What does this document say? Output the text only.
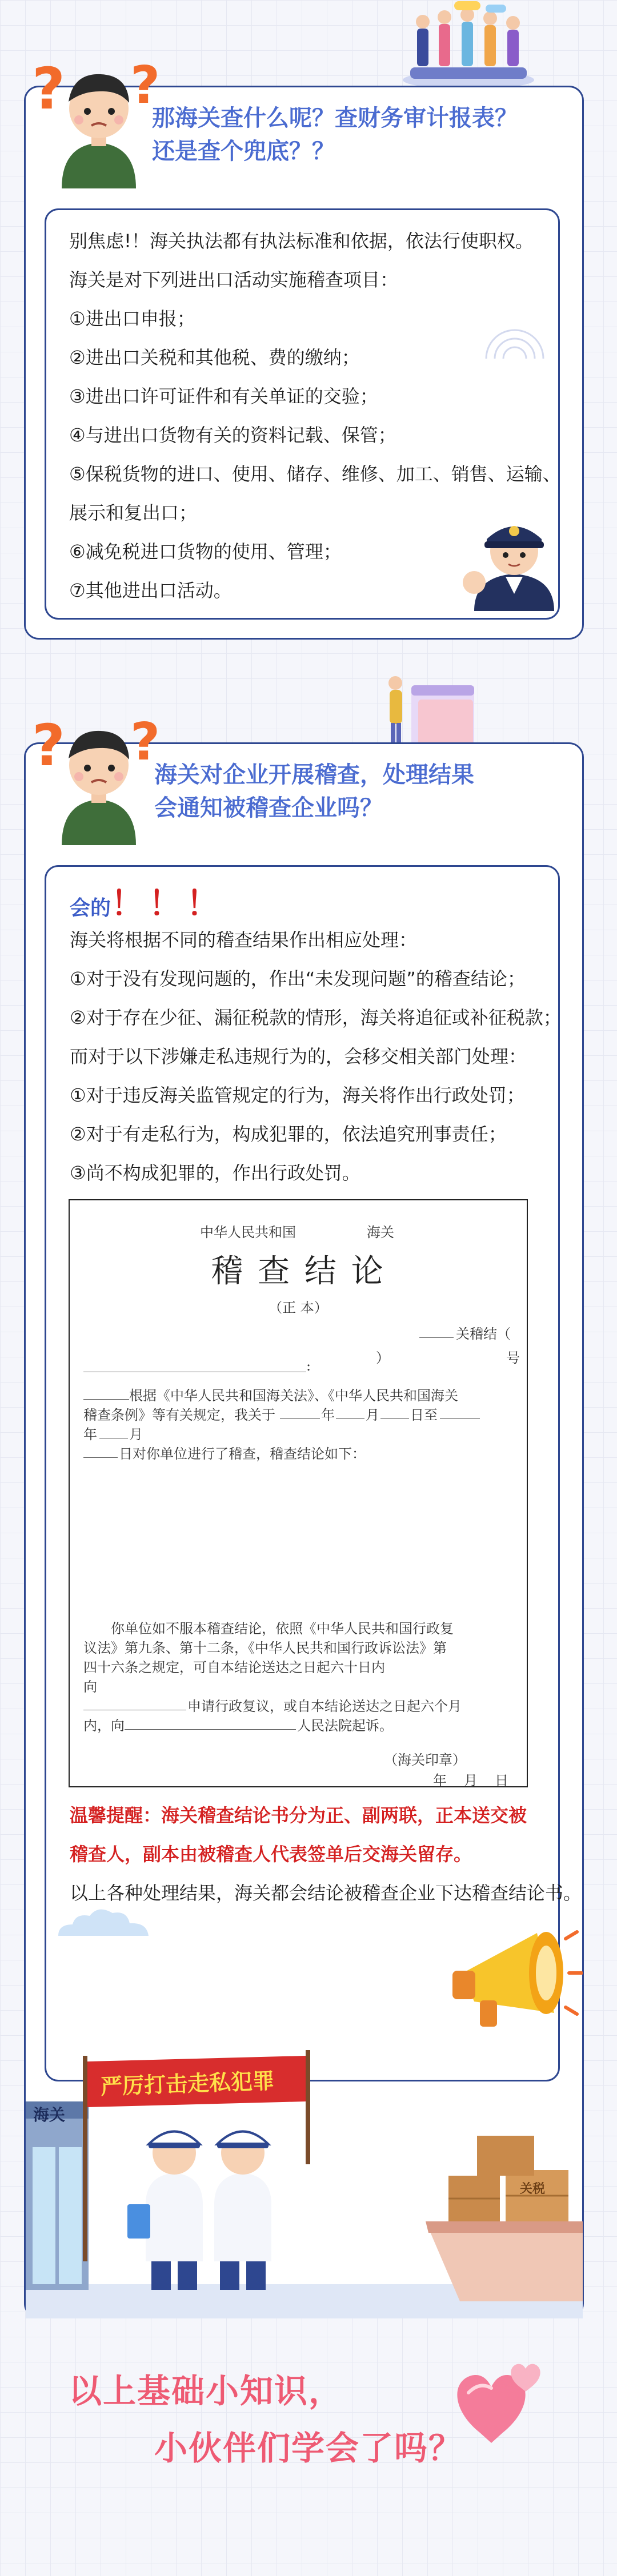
? ?
那海关查什么呢？查财务审计报表？
还是查个兜底？？
别焦虑!！海关执法都有执法标准和依据，依法行使职权。
海关是对下列进出口活动实施稽查项目：
①进出口申报；
②进出口关税和其他税、费的缴纳；
③进出口许可证件和有关单证的交验；
④与进出口货物有关的资料记载、保管；
⑤保税货物的进口、使用、储存、维修、加工、销售、运输、
展示和复出口；
⑥减免税进口货物的使用、管理；
⑦其他进出口活动。
? ?
海关对企业开展稽查，处理结果
会通知被稽查企业吗？
会的！！！
海关将根据不同的稽查结果作出相应处理：
①对于没有发现问题的，作出“未发现问题”的稽查结论；
②对于存在少征、漏征税款的情形，海关将追征或补征税款；
而对于以下涉嫌走私违规行为的，会移交相关部门处理：
①对于违反海关监管规定的行为，海关将作出行政处罚；
②对于有走私行为，构成犯罪的，依法追究刑事责任；
③尚不构成犯罪的，作出行政处罚。
中华人民共和国	海关
稽 查 结 论
（正 本）
关稽结（
）	号
:
根据《中华人民共和国海关法》、《中华人民共和国海关
稽查条例》等有关规定，我关于	年 月 日至
年 月
日对你单位进行了稽查，稽查结论如下：
你单位如不服本稽查结论，依照《中华人民共和国行政复
议法》第九条、第十二条，《中华人民共和国行政诉讼法》第
四十六条之规定，可自本结论送达之日起六十日内
向
申请行政复议，或自本结论送达之日起六个月
内，向	人民法院起诉。
（海关印章）
年 月 日
温馨提醒：海关稽查结论书分为正、副两联，正本送交被
稽查人，副本由被稽查人代表签单后交海关留存。
以上各种处理结果，海关都会结论被稽查企业下达稽查结论书。
严厉打击走私犯罪
海关
关税
以上基础小知识，
小伙伴们学会了吗？
